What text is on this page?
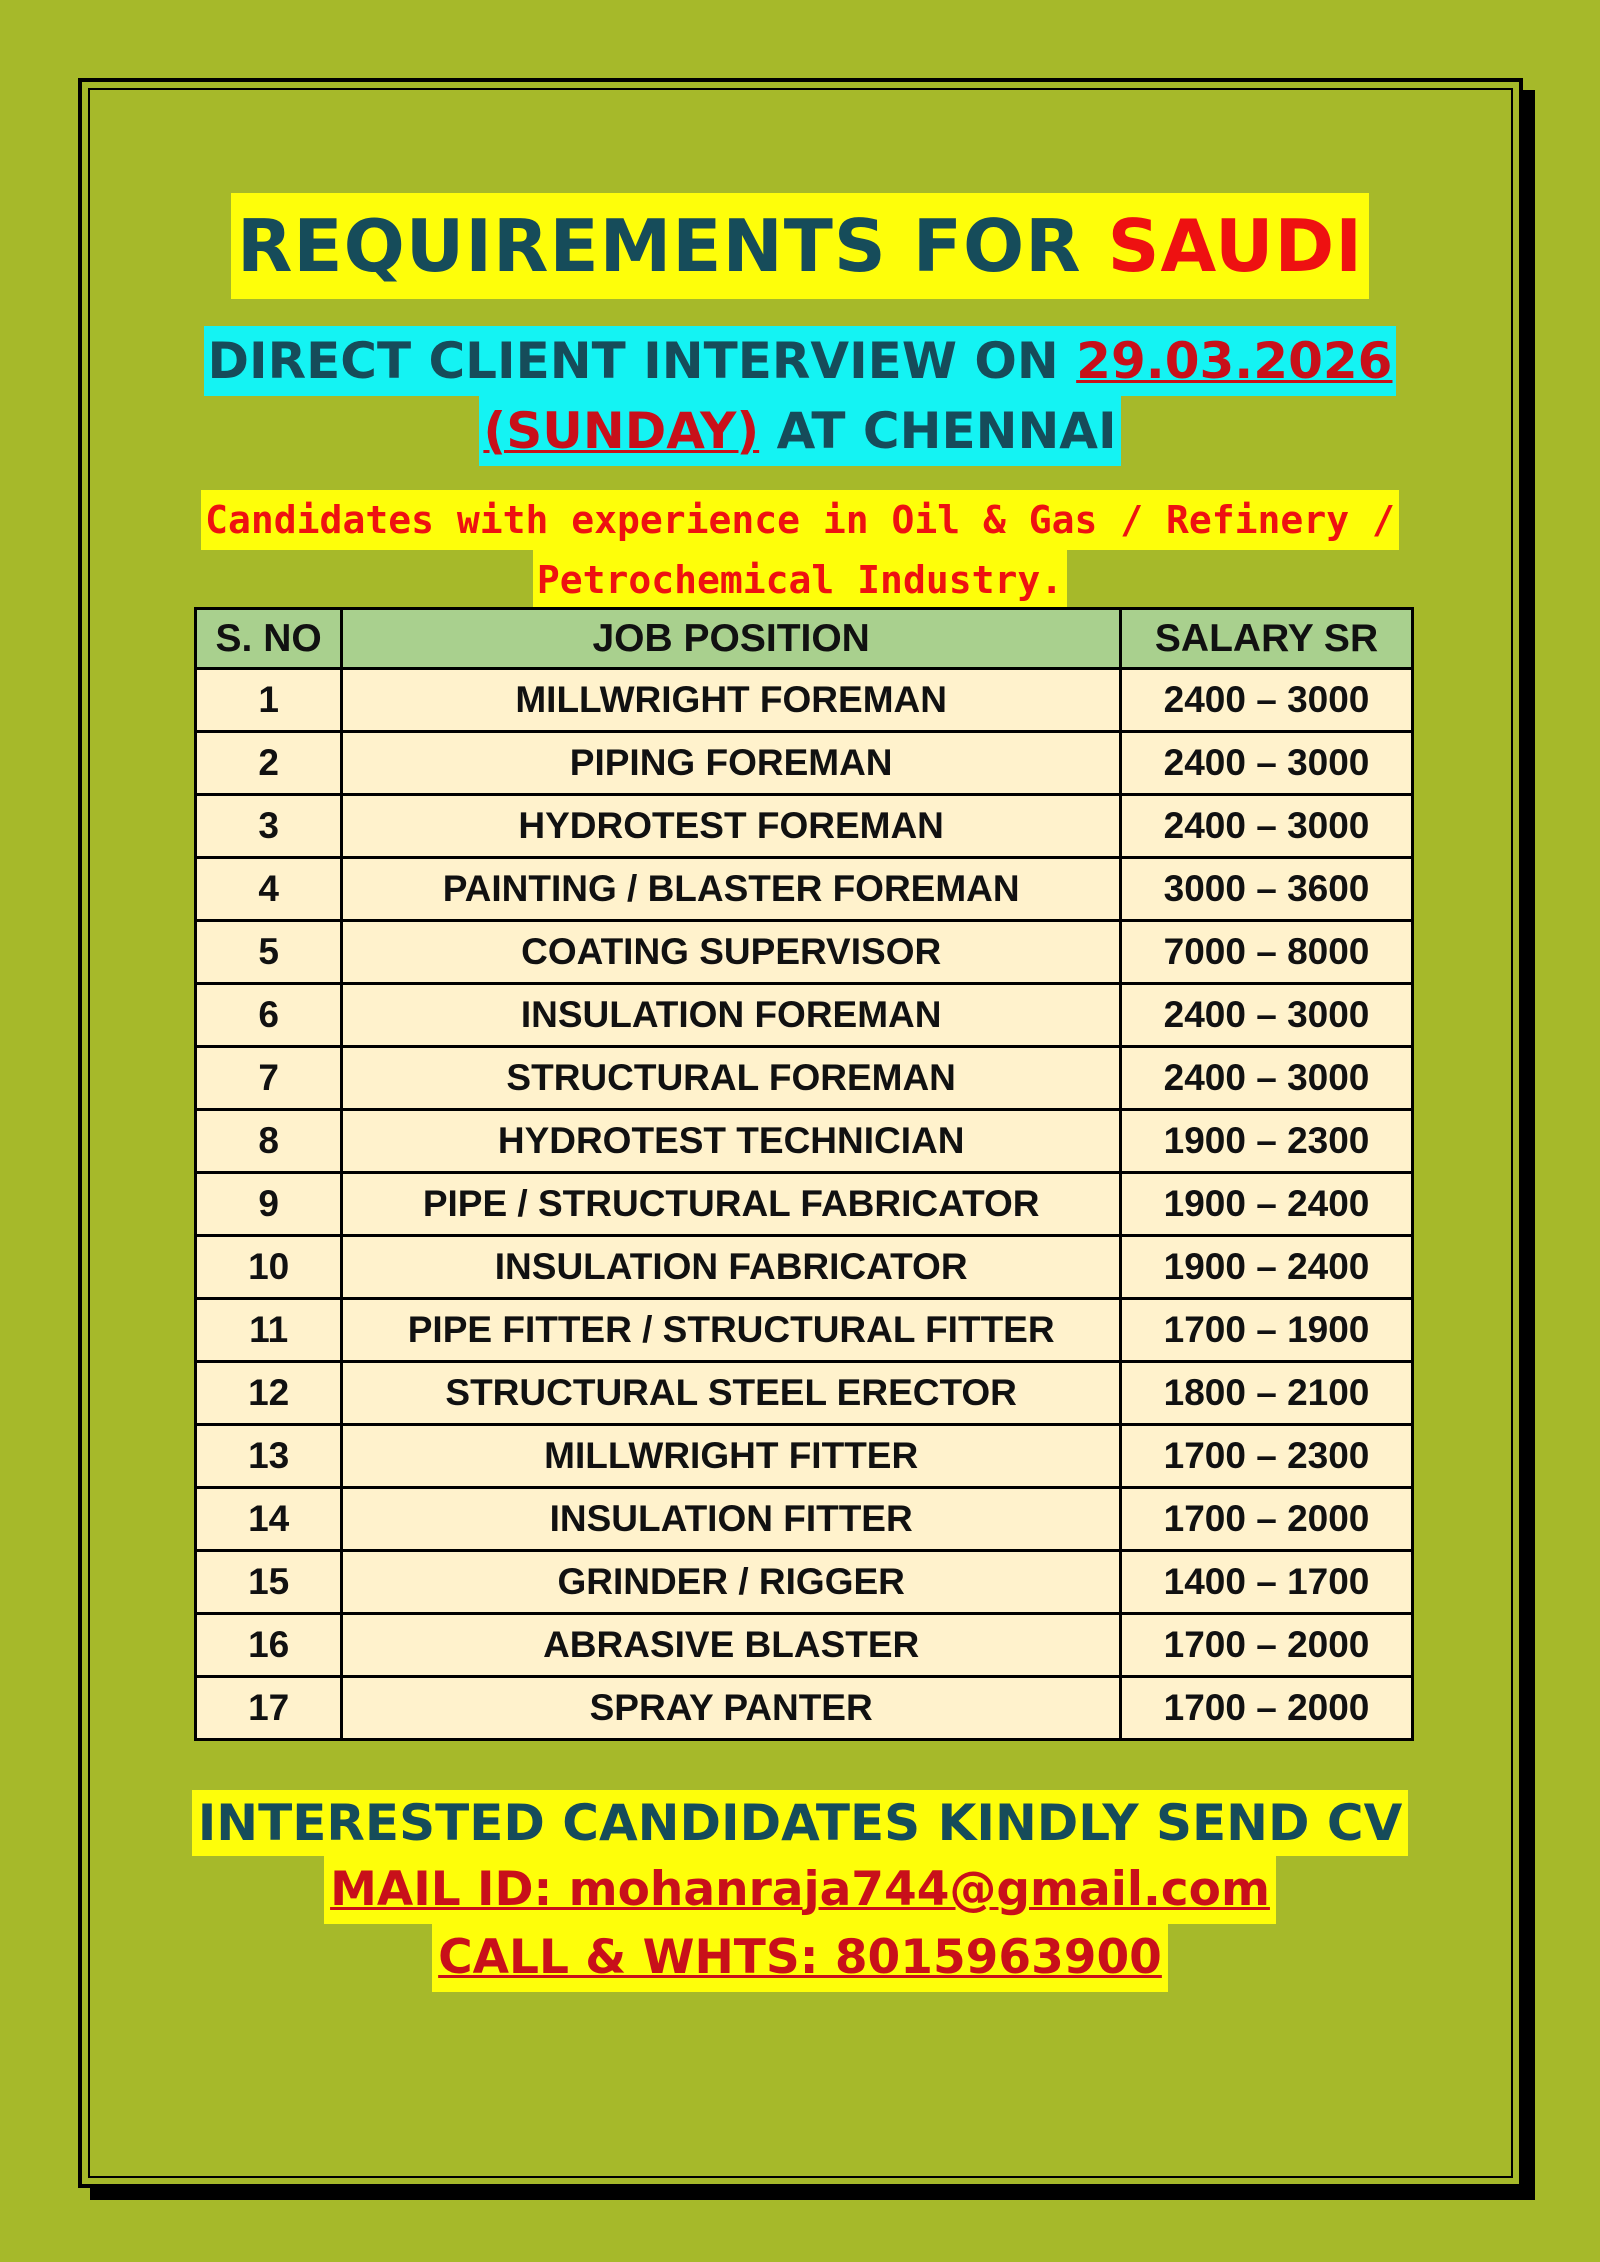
REQUIREMENTS FOR SAUDI
DIRECT CLIENT INTERVIEW ON 29.03.2026
(SUNDAY) AT CHENNAI
Candidates with experience in Oil & Gas / Refinery /
Petrochemical Industry.
S. NO	JOB POSITION	SALARY SR
1	MILLWRIGHT FOREMAN	2400 – 3000
2	PIPING FOREMAN	2400 – 3000
3	HYDROTEST FOREMAN	2400 – 3000
4	PAINTING / BLASTER FOREMAN	3000 – 3600
5	COATING SUPERVISOR	7000 – 8000
6	INSULATION FOREMAN	2400 – 3000
7	STRUCTURAL FOREMAN	2400 – 3000
8	HYDROTEST TECHNICIAN	1900 – 2300
9	PIPE / STRUCTURAL FABRICATOR	1900 – 2400
10	INSULATION FABRICATOR	1900 – 2400
11	PIPE FITTER / STRUCTURAL FITTER	1700 – 1900
12	STRUCTURAL STEEL ERECTOR	1800 – 2100
13	MILLWRIGHT FITTER	1700 – 2300
14	INSULATION FITTER	1700 – 2000
15	GRINDER / RIGGER	1400 – 1700
16	ABRASIVE BLASTER	1700 – 2000
17	SPRAY PANTER	1700 – 2000
INTERESTED CANDIDATES KINDLY SEND CV
MAIL ID: mohanraja744@gmail.com
CALL & WHTS: 8015963900
